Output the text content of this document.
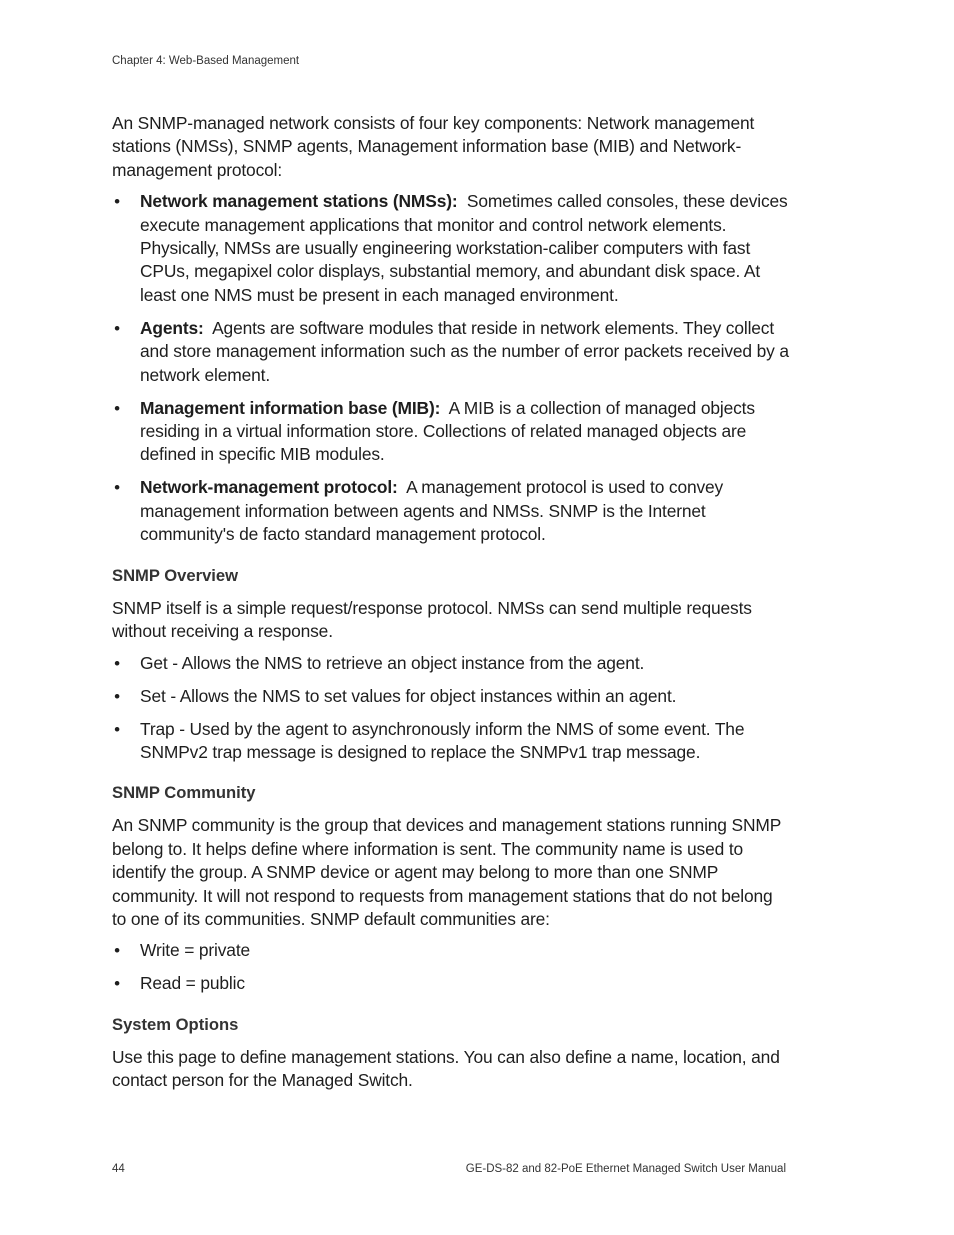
Chapter 4: Web-Based Management

An SNMP-managed network consists of four key components: Network management stations (NMSs), SNMP agents, Management information base (MIB) and Network-management protocol:

• Network management stations (NMSs): Sometimes called consoles, these devices execute management applications that monitor and control network elements. Physically, NMSs are usually engineering workstation-caliber computers with fast CPUs, megapixel color displays, substantial memory, and abundant disk space. At least one NMS must be present in each managed environment.
• Agents: Agents are software modules that reside in network elements. They collect and store management information such as the number of error packets received by a network element.
• Management information base (MIB): A MIB is a collection of managed objects residing in a virtual information store. Collections of related managed objects are defined in specific MIB modules.
• Network-management protocol: A management protocol is used to convey management information between agents and NMSs. SNMP is the Internet community's de facto standard management protocol.
SNMP Overview

SNMP itself is a simple request/response protocol. NMSs can send multiple requests without receiving a response.

• Get - Allows the NMS to retrieve an object instance from the agent.
• Set - Allows the NMS to set values for object instances within an agent.
• Trap - Used by the agent to asynchronously inform the NMS of some event. The SNMPv2 trap message is designed to replace the SNMPv1 trap message.
SNMP Community

An SNMP community is the group that devices and management stations running SNMP belong to. It helps define where information is sent. The community name is used to identify the group. A SNMP device or agent may belong to more than one SNMP community. It will not respond to requests from management stations that do not belong to one of its communities. SNMP default communities are:

• Write = private
• Read = public
System Options

Use this page to define management stations. You can also define a name, location, and contact person for the Managed Switch.

44	GE-DS-82 and 82-PoE Ethernet Managed Switch User Manual
